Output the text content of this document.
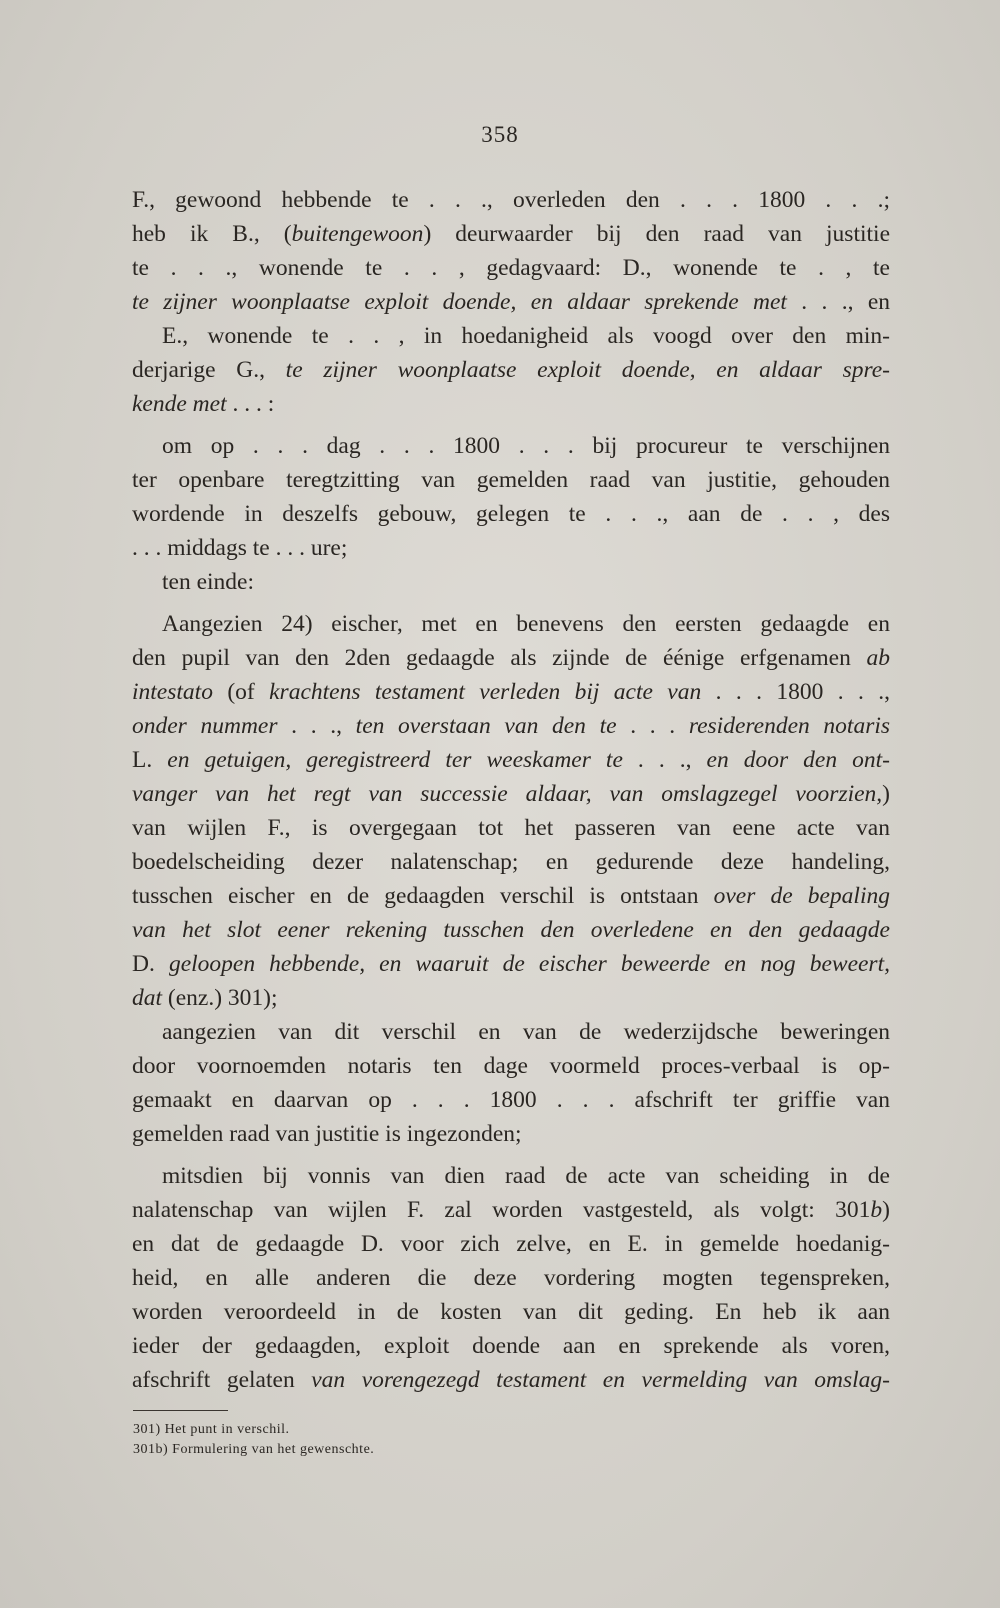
358
F., gewoond hebbende te . . ., overleden den . . . 1800 . . .;
heb ik B., (buitengewoon) deurwaarder bij den raad van justitie
te . . ., wonende te . . , gedagvaard: D., wonende te . , te
te zijner woonplaatse exploit doende, en aldaar sprekende met . . ., en
E., wonende te . . , in hoedanigheid als voogd over den min-
derjarige G., te zijner woonplaatse exploit doende, en aldaar spre-
kende met . . . :
om op . . . dag . . . 1800 . . . bij procureur te verschijnen
ter openbare teregtzitting van gemelden raad van justitie, gehouden
wordende in deszelfs gebouw, gelegen te . . ., aan de . . , des
. . . middags te . . . ure;
ten einde:
Aangezien 24) eischer, met en benevens den eersten gedaagde en
den pupil van den 2den gedaagde als zijnde de éénige erfgenamen ab
intestato (of krachtens testament verleden bij acte van . . . 1800 . . .,
onder nummer . . ., ten overstaan van den te . . . residerenden notaris
L. en getuigen, geregistreerd ter weeskamer te . . ., en door den ont-
vanger van het regt van successie aldaar, van omslagzegel voorzien,)
van wijlen F., is overgegaan tot het passeren van eene acte van
boedelscheiding dezer nalatenschap; en gedurende deze handeling,
tusschen eischer en de gedaagden verschil is ontstaan over de bepaling
van het slot eener rekening tusschen den overledene en den gedaagde
D. geloopen hebbende, en waaruit de eischer beweerde en nog beweert,
dat (enz.) 301);
aangezien van dit verschil en van de wederzijdsche beweringen
door voornoemden notaris ten dage voormeld proces-verbaal is op-
gemaakt en daarvan op . . . 1800 . . . afschrift ter griffie van
gemelden raad van justitie is ingezonden;
mitsdien bij vonnis van dien raad de acte van scheiding in de
nalatenschap van wijlen F. zal worden vastgesteld, als volgt: 301b)
en dat de gedaagde D. voor zich zelve, en E. in gemelde hoedanig-
heid, en alle anderen die deze vordering mogten tegenspreken,
worden veroordeeld in de kosten van dit geding. En heb ik aan
ieder der gedaagden, exploit doende aan en sprekende als voren,
afschrift gelaten van vorengezegd testament en vermelding van omslag-
301) Het punt in verschil.
301b) Formulering van het gewenschte.
